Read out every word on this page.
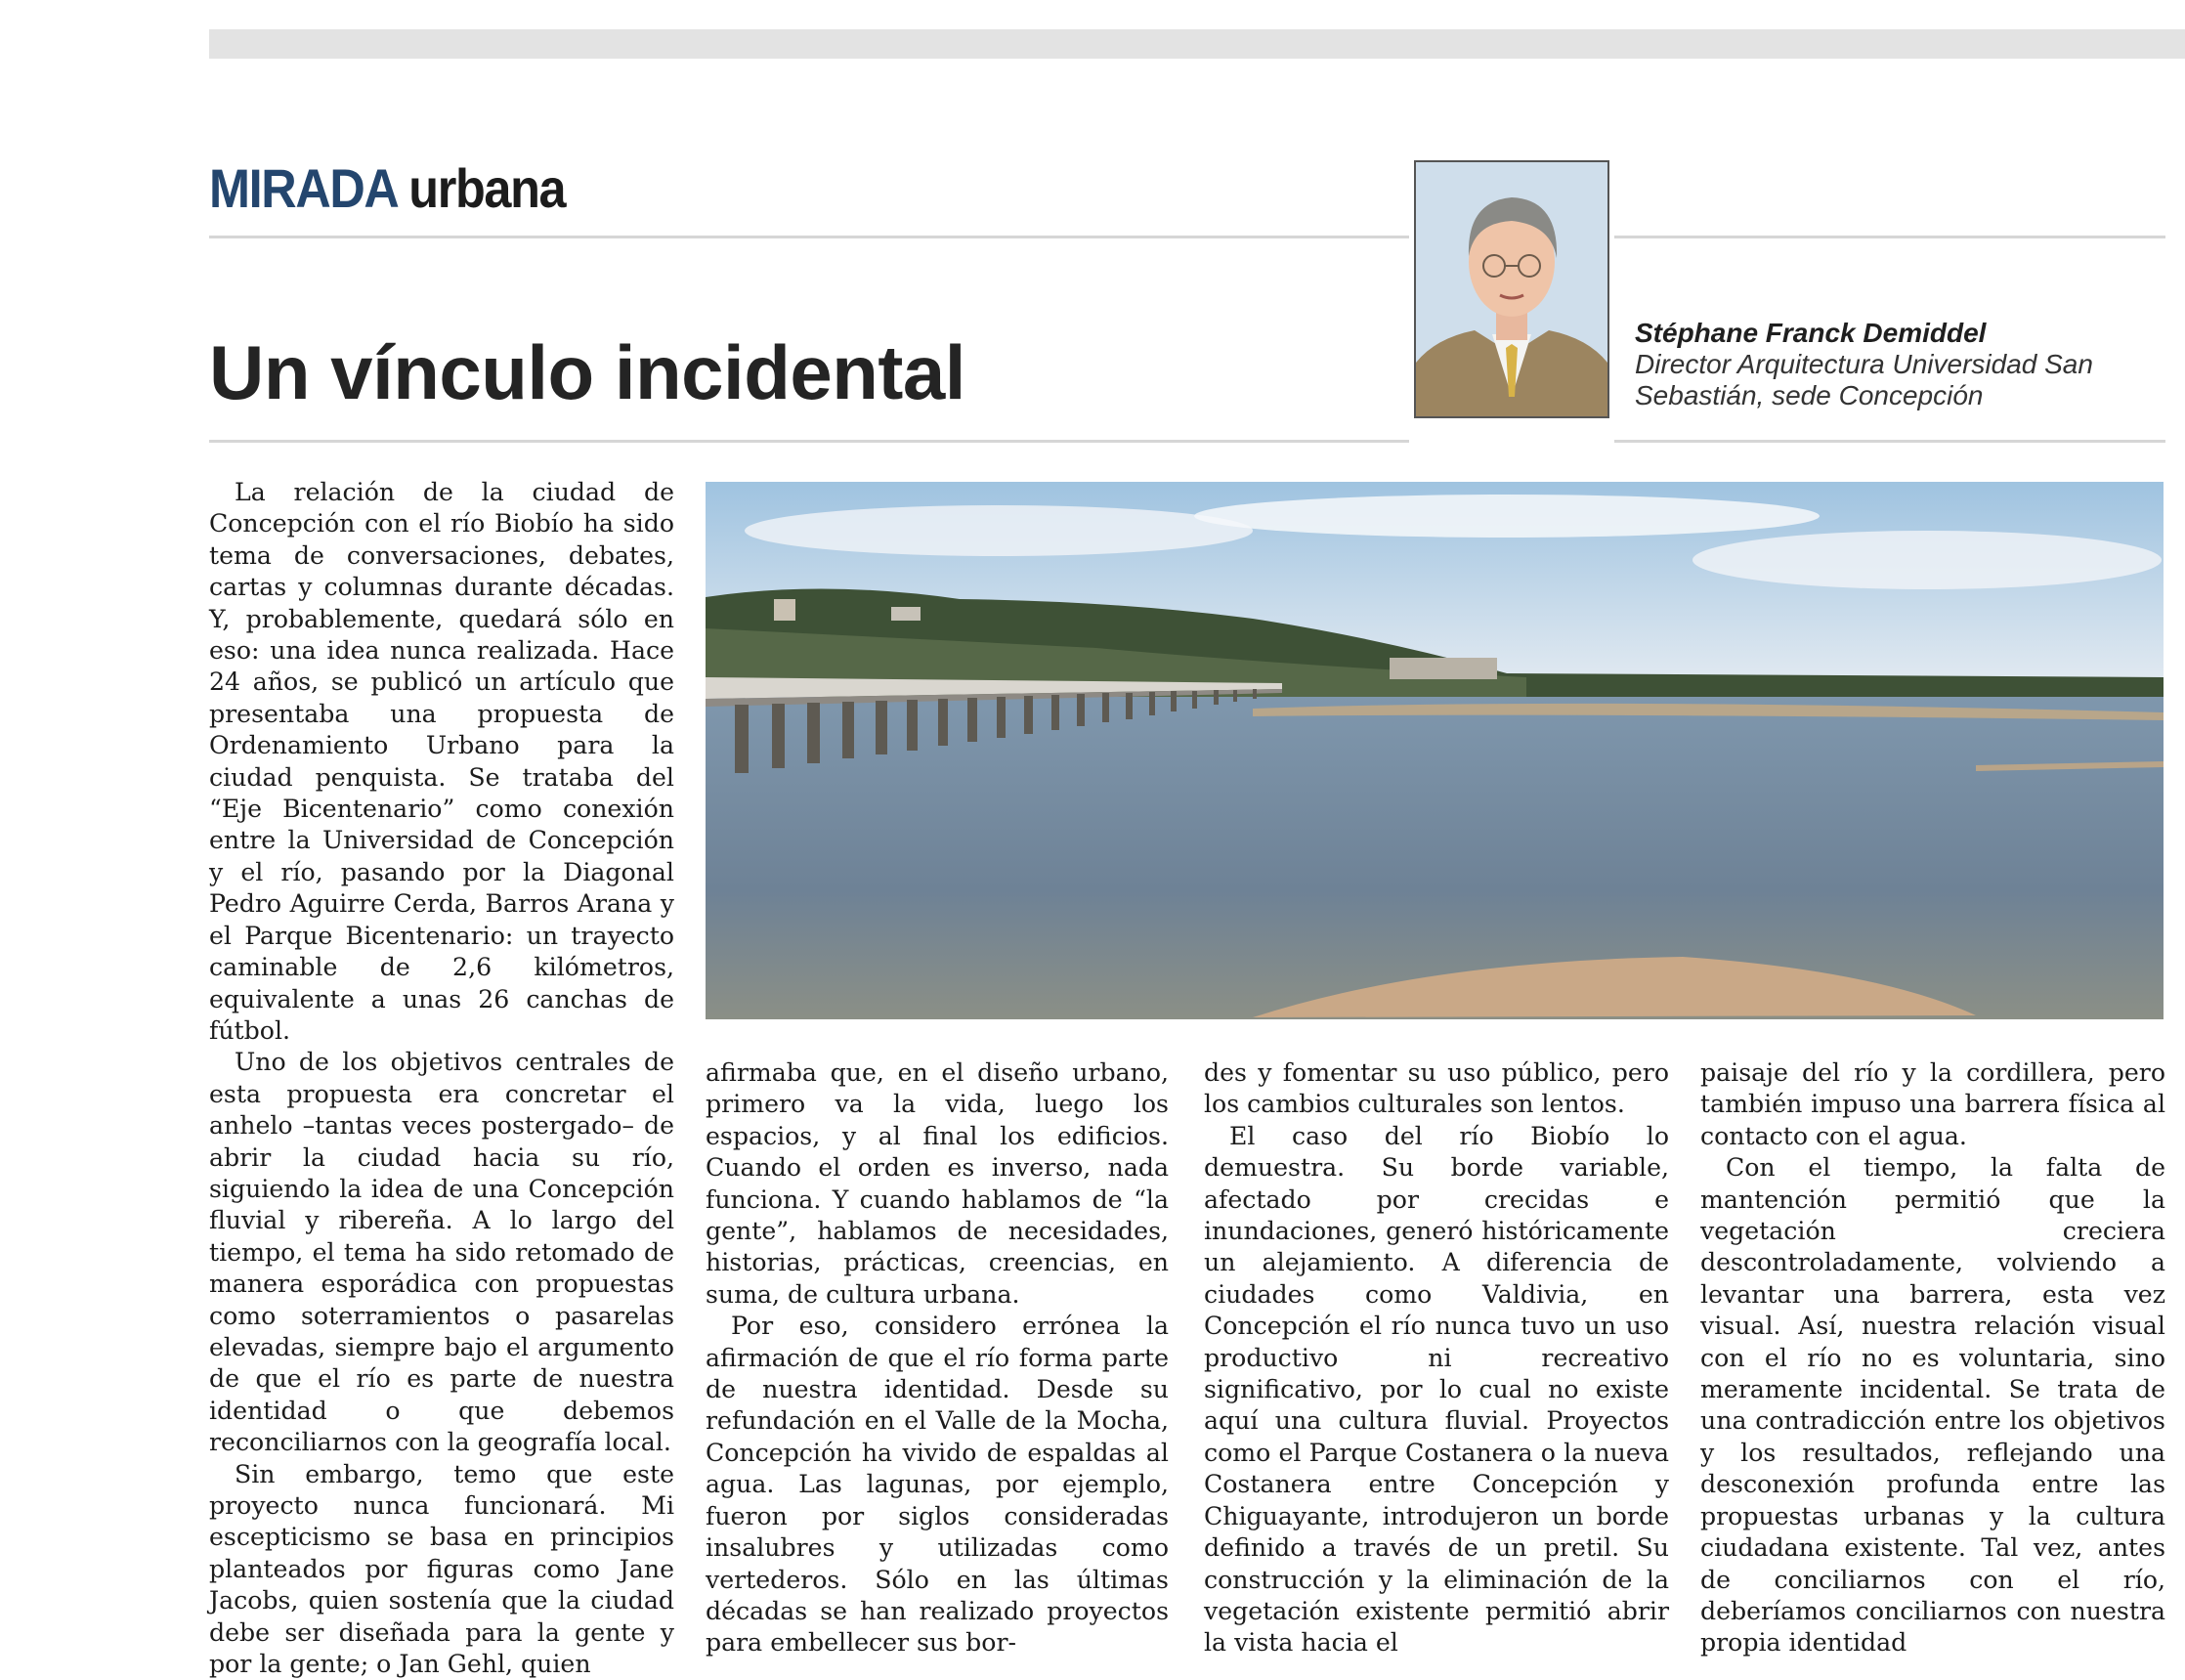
MIRADA urbana
Un vínculo incidental	Stéphane Franck Demiddel
Director Arquitectura Universidad San Sebastián, sede Concepción

La relación de la ciudad de Concepción con el río Biobío ha sido tema de conversaciones, debates, cartas y columnas durante décadas. Y, probablemente, quedará sólo en eso: una idea nunca realizada. Hace 24 años, se publicó un artículo que presentaba una propuesta de Ordenamiento Urbano para la ciudad penquista. Se trataba del “Eje Bicentenario” como conexión entre la Universidad de Concepción y el río, pasando por la Diagonal Pedro Aguirre Cerda, Barros Arana y el Parque Bicentenario: un trayecto caminable de 2,6 kilómetros, equivalente a unas 26 canchas de fútbol.

Uno de los objetivos centrales de esta propuesta era concretar el anhelo –tantas veces postergado– de abrir la ciudad hacia su río, siguiendo la idea de una Concepción fluvial y ribereña. A lo largo del tiempo, el tema ha sido retomado de manera esporádica con propuestas como soterramientos o pasarelas elevadas, siempre bajo el argumento de que el río es parte de nuestra identidad o que debemos reconciliarnos con la geografía local.

Sin embargo, temo que este proyecto nunca funcionará. Mi escepticismo se basa en principios planteados por figuras como Jane Jacobs, quien sostenía que la ciudad debe ser diseñada para la gente y por la gente; o Jan Gehl, quien

afirmaba que, en el diseño urbano, primero va la vida, luego los espacios, y al final los edificios. Cuando el orden es inverso, nada funciona. Y cuando hablamos de “la gente”, hablamos de necesidades, historias, prácticas, creencias, en suma, de cultura urbana.

Por eso, considero errónea la afirmación de que el río forma parte de nuestra identidad. Desde su refundación en el Valle de la Mocha, Concepción ha vivido de espaldas al agua. Las lagunas, por ejemplo, fueron por siglos consideradas insalubres y utilizadas como vertederos. Sólo en las últimas décadas se han realizado proyectos para embellecer sus bor-

des y fomentar su uso público, pero los cambios culturales son lentos.

El caso del río Biobío lo demuestra. Su borde variable, afectado por crecidas e inundaciones, generó históricamente un alejamiento. A diferencia de ciudades como Valdivia, en Concepción el río nunca tuvo un uso productivo ni recreativo significativo, por lo cual no existe aquí una cultura fluvial. Proyectos como el Parque Costanera o la nueva Costanera entre Concepción y Chiguayante, introdujeron un borde definido a través de un pretil. Su construcción y la eliminación de la vegetación existente permitió abrir la vista hacia el

paisaje del río y la cordillera, pero también impuso una barrera física al contacto con el agua.

Con el tiempo, la falta de mantención permitió que la vegetación creciera descontroladamente, volviendo a levantar una barrera, esta vez visual. Así, nuestra relación visual con el río no es voluntaria, sino meramente incidental. Se trata de una contradicción entre los objetivos y los resultados, reflejando una desconexión profunda entre las propuestas urbanas y la cultura ciudadana existente. Tal vez, antes de conciliarnos con el río, deberíamos conciliarnos con nuestra propia identidad
